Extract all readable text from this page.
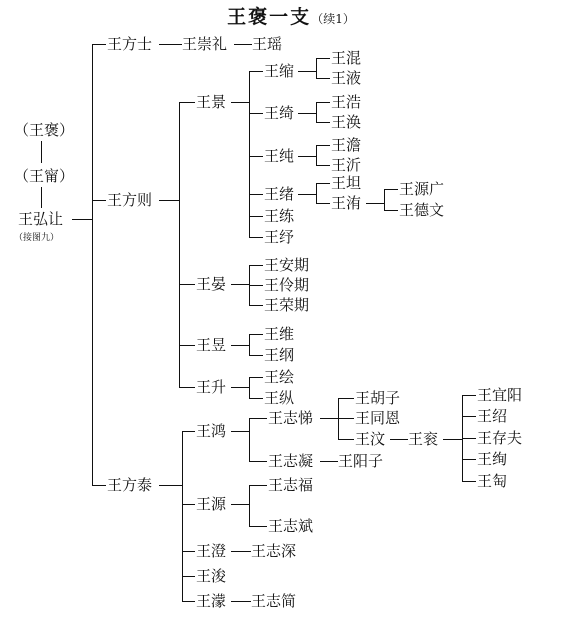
王褒一支（续1）
（王褒）
（王甯）
王弘让
（接图九）
王方士 王崇礼 王瑶
王方则
王方泰
王景
王缩
王混
王液
王绮
王浩
王涣
王纯
王澹
王沂
王绪
王坦
王洧
王源广
王德文
王练
王纾
王晏
王安期
王伶期
王荣期
王昱
王维
王纲
王升
王绘
王纵
王鸿
王志悌
王胡子
王同恩
王汶 王衮
王宜阳
王绍
王存夫
王绚
王匋
王志凝 王阳子
王源
王志福
王志斌
王澄 王志深
王浚
王濛 王志简
